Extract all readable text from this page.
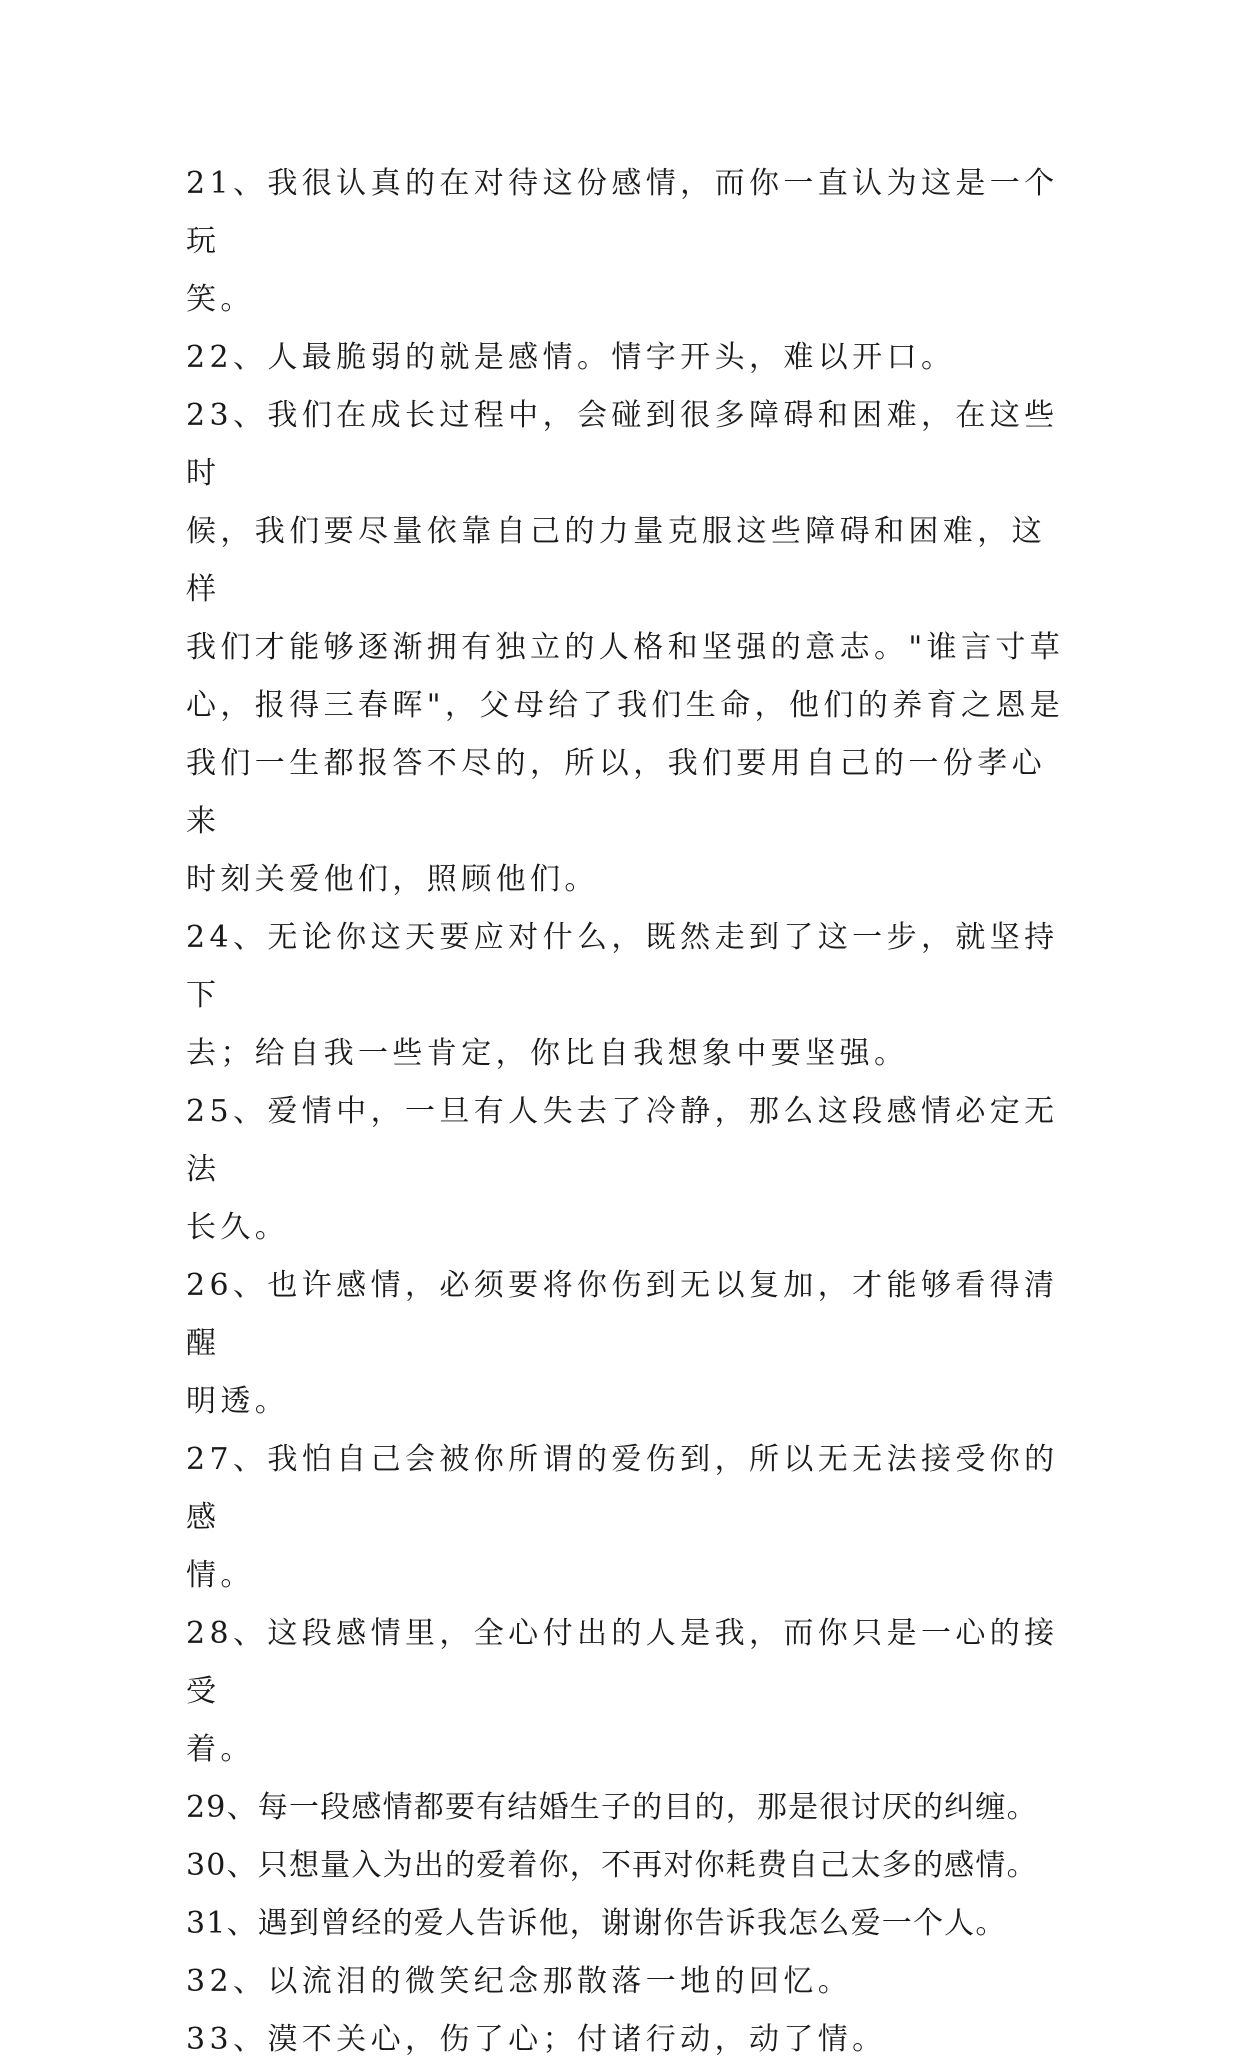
21、我很认真的在对待这份感情，而你一直认为这是一个玩
笑。

22、人最脆弱的就是感情。情字开头，难以开口。

23、我们在成长过程中，会碰到很多障碍和困难，在这些时
候，我们要尽量依靠自己的力量克服这些障碍和困难，这样
我们才能够逐渐拥有独立的人格和坚强的意志。"谁言寸草
心，报得三春晖"，父母给了我们生命，他们的养育之恩是
我们一生都报答不尽的，所以，我们要用自己的一份孝心来
时刻关爱他们，照顾他们。

24、无论你这天要应对什么，既然走到了这一步，就坚持下
去；给自我一些肯定，你比自我想象中要坚强。

25、爱情中，一旦有人失去了冷静，那么这段感情必定无法
长久。

26、也许感情，必须要将你伤到无以复加，才能够看得清醒
明透。

27、我怕自己会被你所谓的爱伤到，所以无无法接受你的感
情。

28、这段感情里，全心付出的人是我，而你只是一心的接受
着。

29、每一段感情都要有结婚生子的目的，那是很讨厌的纠缠。

30、只想量入为出的爱着你，不再对你耗费自己太多的感情。

31、遇到曾经的爱人告诉他，谢谢你告诉我怎么爱一个人。

32、以流泪的微笑纪念那散落一地的回忆。

33、漠不关心，伤了心；付诸行动，动了情。
